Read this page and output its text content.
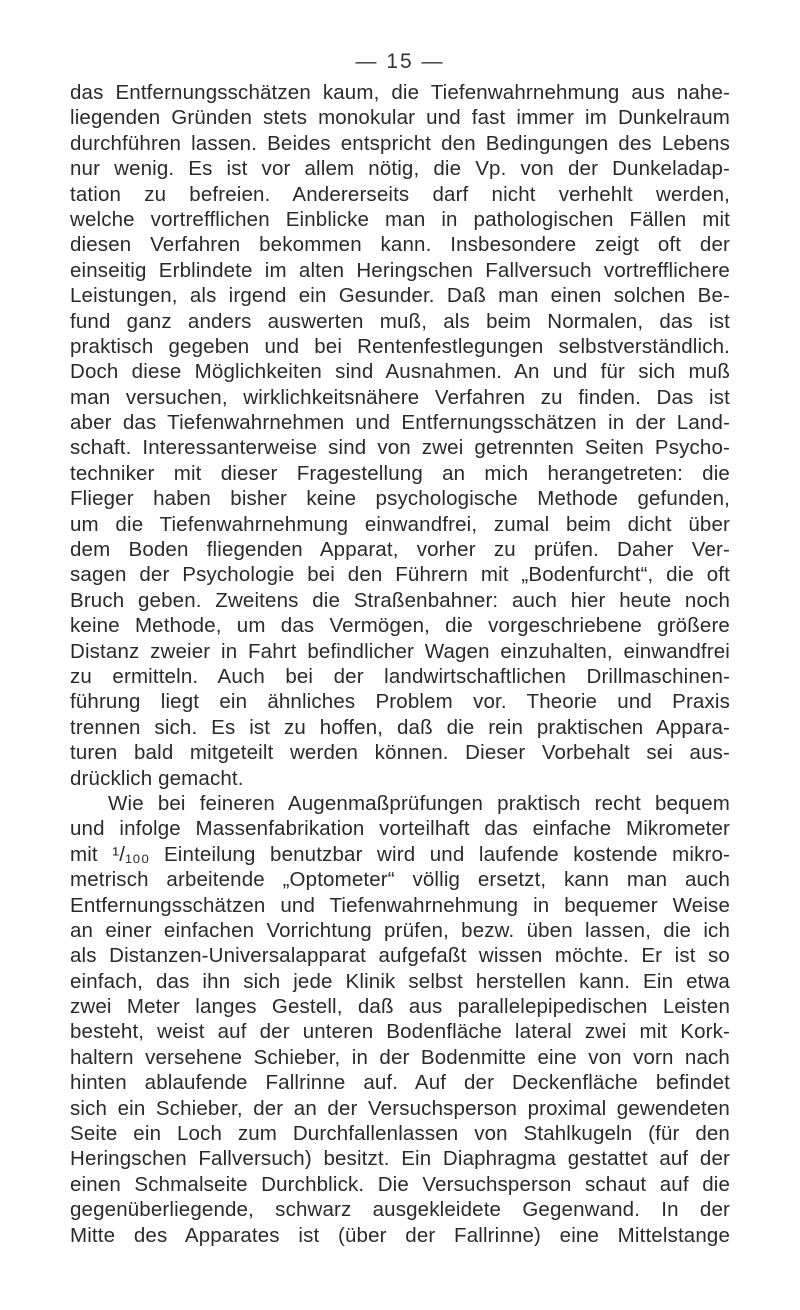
— 15 —
das Entfernungsschätzen kaum, die Tiefenwahrnehmung aus nahe-
liegenden Gründen stets monokular und fast immer im Dunkelraum
durchführen lassen. Beides entspricht den Bedingungen des Lebens
nur wenig. Es ist vor allem nötig, die Vp. von der Dunkeladap-
tation zu befreien. Andererseits darf nicht verhehlt werden,
welche vortrefflichen Einblicke man in pathologischen Fällen mit
diesen Verfahren bekommen kann. Insbesondere zeigt oft der
einseitig Erblindete im alten Heringschen Fallversuch vortrefflichere
Leistungen, als irgend ein Gesunder. Daß man einen solchen Be-
fund ganz anders auswerten muß, als beim Normalen, das ist
praktisch gegeben und bei Rentenfestlegungen selbstverständlich.
Doch diese Möglichkeiten sind Ausnahmen. An und für sich muß
man versuchen, wirklichkeitsnähere Verfahren zu finden. Das ist
aber das Tiefenwahrnehmen und Entfernungsschätzen in der Land-
schaft. Interessanterweise sind von zwei getrennten Seiten Psycho-
techniker mit dieser Fragestellung an mich herangetreten: die
Flieger haben bisher keine psychologische Methode gefunden,
um die Tiefenwahrnehmung einwandfrei, zumal beim dicht über
dem Boden fliegenden Apparat, vorher zu prüfen. Daher Ver-
sagen der Psychologie bei den Führern mit „Bodenfurcht“, die oft
Bruch geben. Zweitens die Straßenbahner: auch hier heute noch
keine Methode, um das Vermögen, die vorgeschriebene größere
Distanz zweier in Fahrt befindlicher Wagen einzuhalten, einwandfrei
zu ermitteln. Auch bei der landwirtschaftlichen Drillmaschinen-
führung liegt ein ähnliches Problem vor. Theorie und Praxis
trennen sich. Es ist zu hoffen, daß die rein praktischen Appara-
turen bald mitgeteilt werden können. Dieser Vorbehalt sei aus-
drücklich gemacht.
Wie bei feineren Augenmaßprüfungen praktisch recht bequem
und infolge Massenfabrikation vorteilhaft das einfache Mikrometer
mit ¹/₁₀₀ Einteilung benutzbar wird und laufende kostende mikro-
metrisch arbeitende „Optometer“ völlig ersetzt, kann man auch
Entfernungsschätzen und Tiefenwahrnehmung in bequemer Weise
an einer einfachen Vorrichtung prüfen, bezw. üben lassen, die ich
als Distanzen-Universalapparat aufgefaßt wissen möchte. Er ist so
einfach, das ihn sich jede Klinik selbst herstellen kann. Ein etwa
zwei Meter langes Gestell, daß aus parallelepipedischen Leisten
besteht, weist auf der unteren Bodenfläche lateral zwei mit Kork-
haltern versehene Schieber, in der Bodenmitte eine von vorn nach
hinten ablaufende Fallrinne auf. Auf der Deckenfläche befindet
sich ein Schieber, der an der Versuchsperson proximal gewendeten
Seite ein Loch zum Durchfallenlassen von Stahlkugeln (für den
Heringschen Fallversuch) besitzt. Ein Diaphragma gestattet auf der
einen Schmalseite Durchblick. Die Versuchsperson schaut auf die
gegenüberliegende, schwarz ausgekleidete Gegenwand. In der
Mitte des Apparates ist (über der Fallrinne) eine Mittelstange
